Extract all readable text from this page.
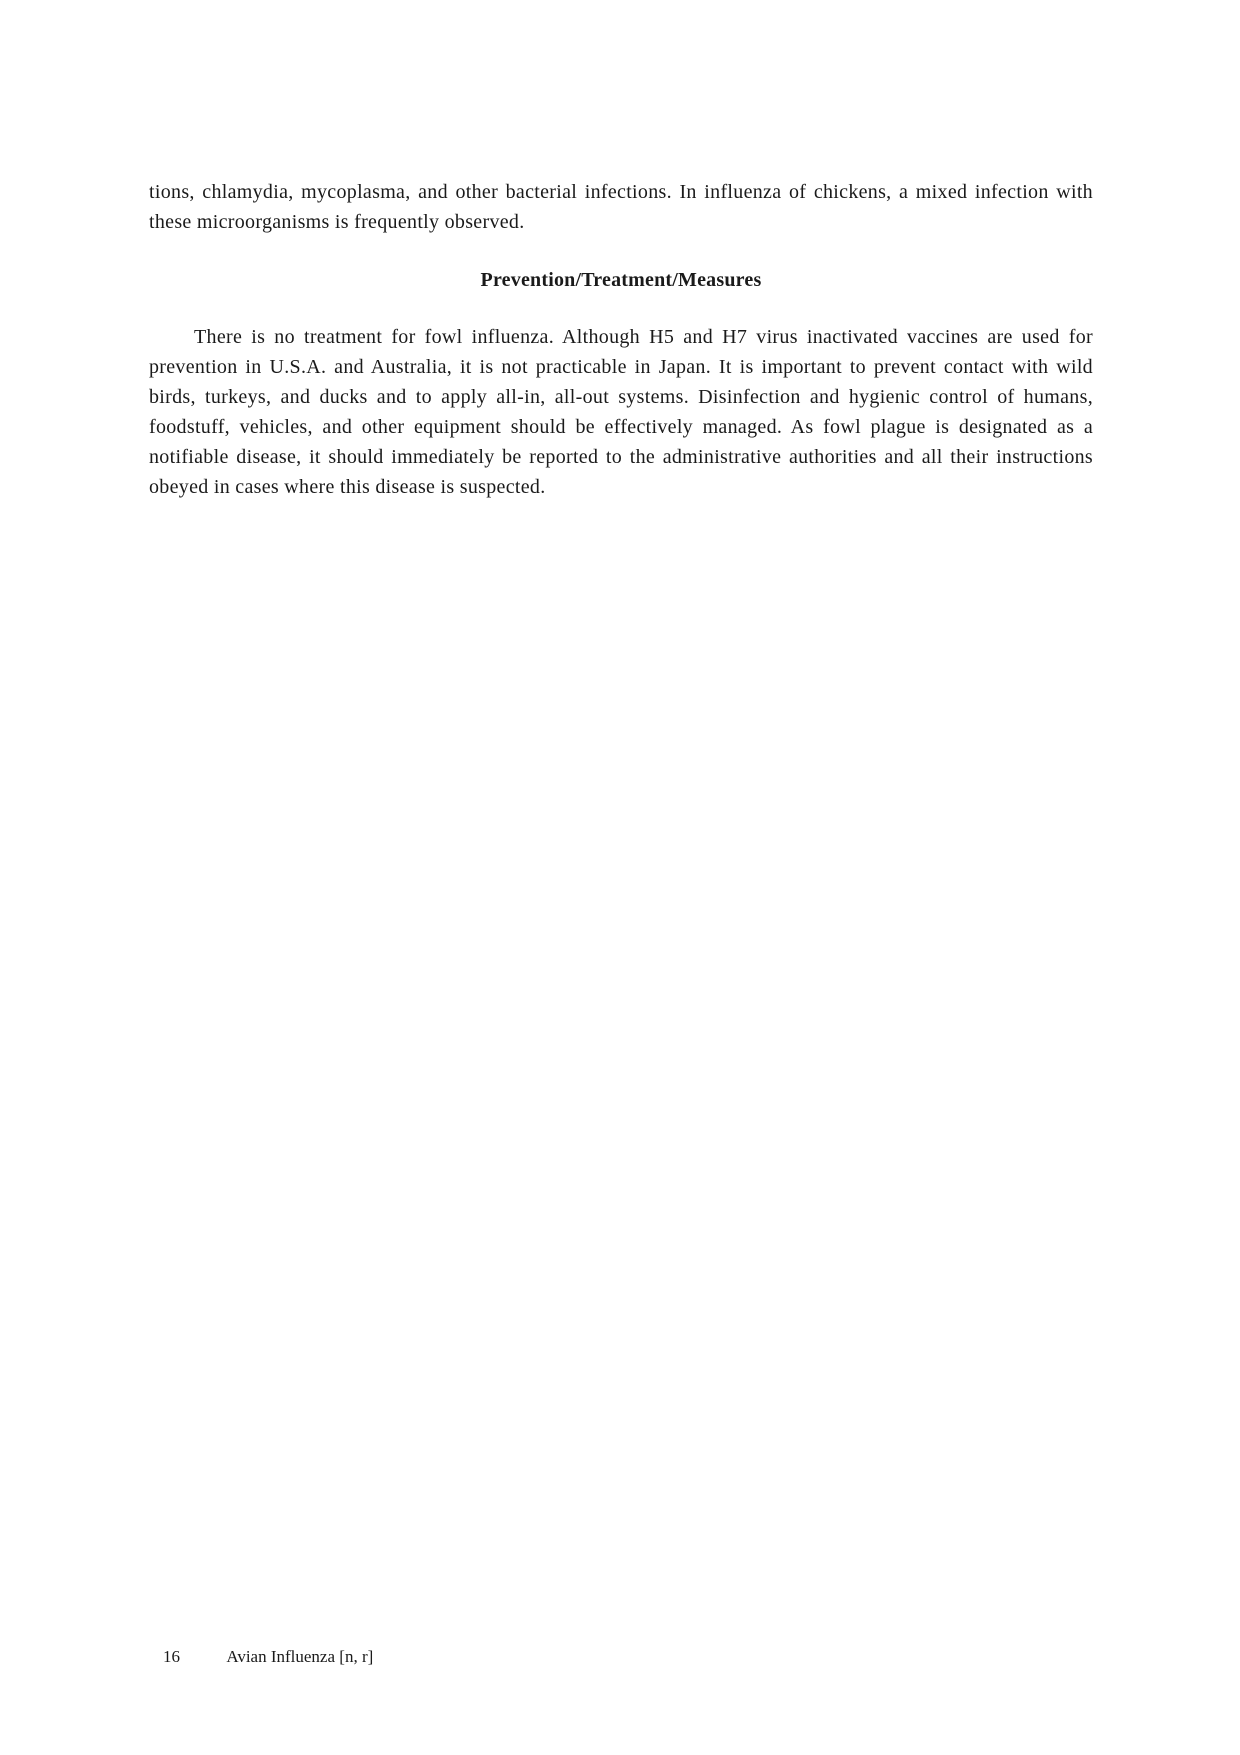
tions, chlamydia, mycoplasma, and other bacterial infections. In influenza of chickens, a mixed infection with these microorganisms is frequently observed.

Prevention/Treatment/Measures

There is no treatment for fowl influenza. Although H5 and H7 virus inactivated vaccines are used for prevention in U.S.A. and Australia, it is not practicable in Japan. It is important to prevent contact with wild birds, turkeys, and ducks and to apply all-in, all-out systems. Disinfection and hygienic control of humans, foodstuff, vehicles, and other equipment should be effectively managed. As fowl plague is designated as a notifiable disease, it should immediately be reported to the administrative authorities and all their instructions obeyed in cases where this disease is suspected.

16	Avian Influenza [n, r]
